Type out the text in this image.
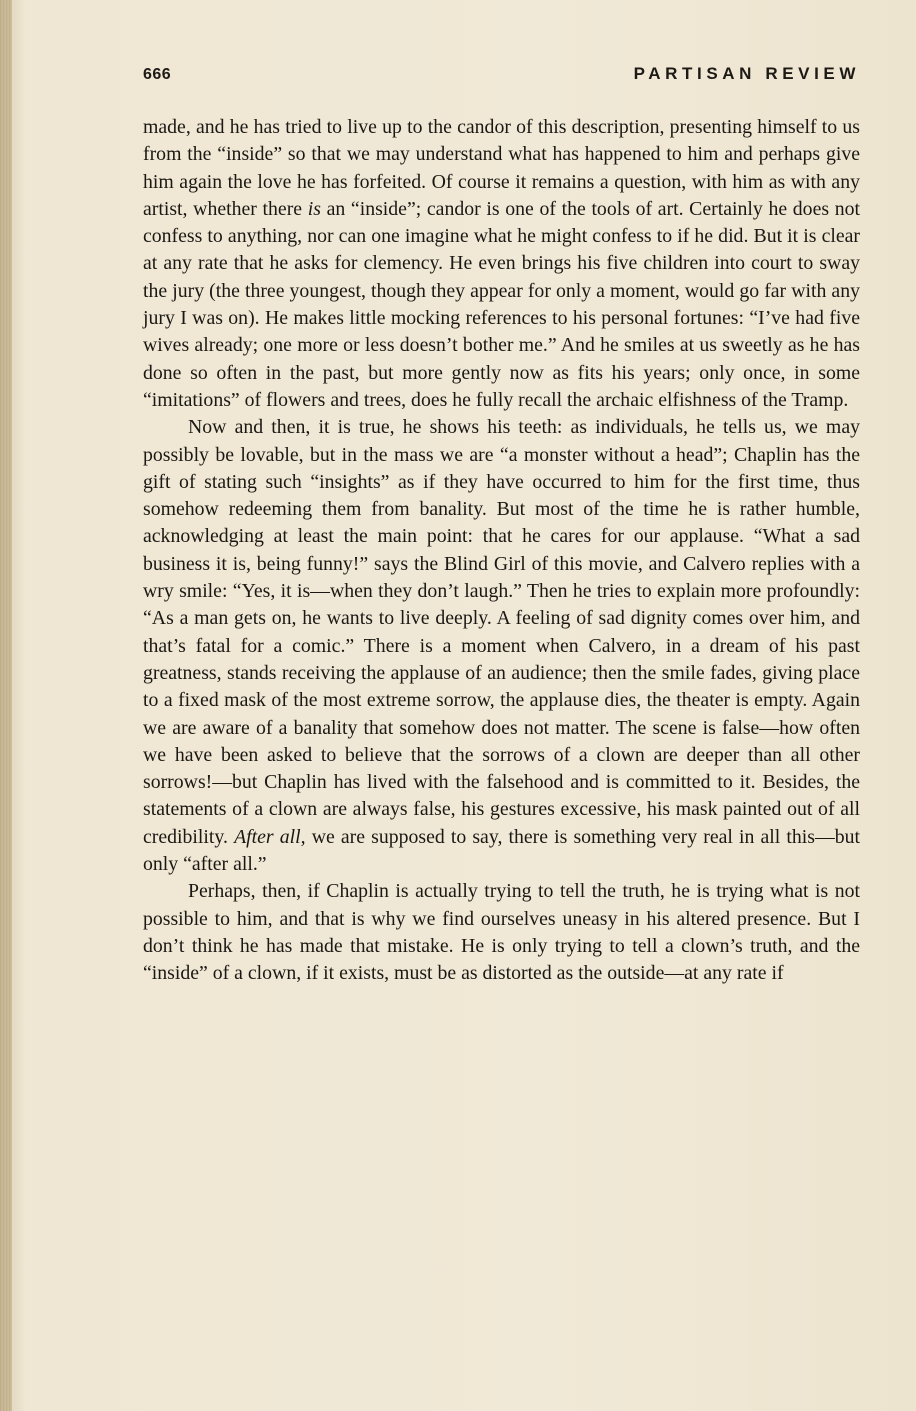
666	PARTISAN REVIEW

made, and he has tried to live up to the candor of this description, presenting himself to us from the “inside” so that we may understand what has happened to him and perhaps give him again the love he has forfeited. Of course it remains a question, with him as with any artist, whether there is an “inside”; candor is one of the tools of art. Certainly he does not confess to anything, nor can one imagine what he might confess to if he did. But it is clear at any rate that he asks for clemency. He even brings his five children into court to sway the jury (the three youngest, though they appear for only a moment, would go far with any jury I was on). He makes little mocking references to his personal fortunes: “I’ve had five wives already; one more or less doesn’t bother me.” And he smiles at us sweetly as he has done so often in the past, but more gently now as fits his years; only once, in some “imitations” of flowers and trees, does he fully recall the archaic elfishness of the Tramp.

Now and then, it is true, he shows his teeth: as individuals, he tells us, we may possibly be lovable, but in the mass we are “a monster without a head”; Chaplin has the gift of stating such “insights” as if they have occurred to him for the first time, thus somehow redeeming them from banality. But most of the time he is rather humble, acknowledging at least the main point: that he cares for our applause. “What a sad business it is, being funny!” says the Blind Girl of this movie, and Calvero replies with a wry smile: “Yes, it is—when they don’t laugh.” Then he tries to explain more profoundly: “As a man gets on, he wants to live deeply. A feeling of sad dignity comes over him, and that’s fatal for a comic.” There is a moment when Calvero, in a dream of his past greatness, stands receiving the applause of an audience; then the smile fades, giving place to a fixed mask of the most extreme sorrow, the applause dies, the theater is empty. Again we are aware of a banality that somehow does not matter. The scene is false—how often we have been asked to believe that the sorrows of a clown are deeper than all other sorrows!—but Chaplin has lived with the falsehood and is committed to it. Besides, the statements of a clown are always false, his gestures excessive, his mask painted out of all credibility. After all, we are supposed to say, there is something very real in all this—but only “after all.”

Perhaps, then, if Chaplin is actually trying to tell the truth, he is trying what is not possible to him, and that is why we find ourselves uneasy in his altered presence. But I don’t think he has made that mistake. He is only trying to tell a clown’s truth, and the “inside” of a clown, if it exists, must be as distorted as the outside—at any rate if
